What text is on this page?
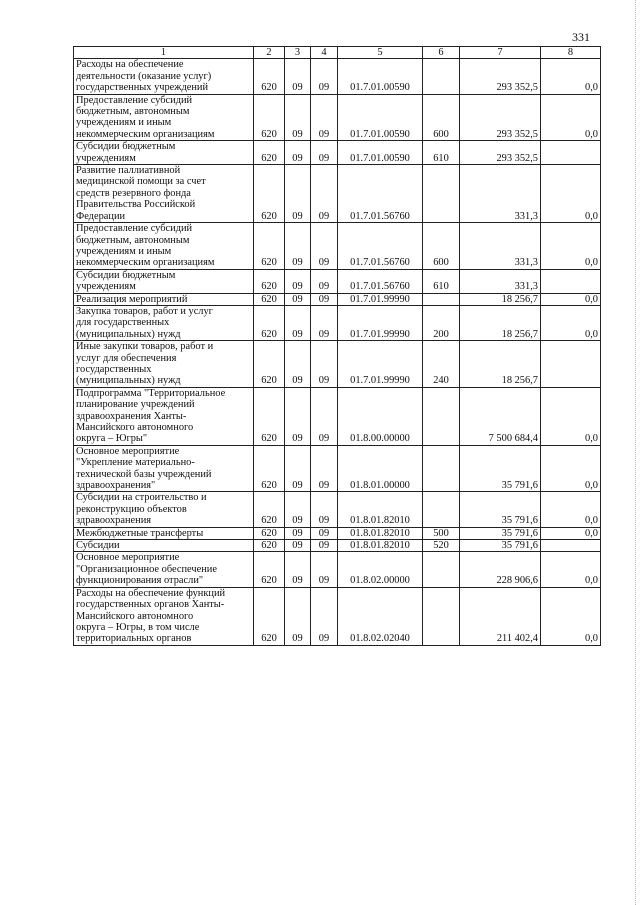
331
1	2	3	4	5	6	7	8

Расходы на обеспечение
деятельности (оказание услуг)
государственных учреждений	620	09	09	01.7.01.00590		293 352,5	0,0

Предоставление субсидий
бюджетным, автономным
учреждениям и иным
некоммерческим организациям	620	09	09	01.7.01.00590	600	293 352,5	0,0

Субсидии бюджетным
учреждениям	620	09	09	01.7.01.00590	610	293 352,5	

Развитие паллиативной
медицинской помощи за счет
средств резервного фонда
Правительства Российской
Федерации	620	09	09	01.7.01.56760		331,3	0,0

Предоставление субсидий
бюджетным, автономным
учреждениям и иным
некоммерческим организациям	620	09	09	01.7.01.56760	600	331,3	0,0

Субсидии бюджетным
учреждениям	620	09	09	01.7.01.56760	610	331,3	

Реализация мероприятий	620	09	09	01.7.01.99990		18 256,7	0,0

Закупка товаров, работ и услуг
для государственных
(муниципальных) нужд	620	09	09	01.7.01.99990	200	18 256,7	0,0

Иные закупки товаров, работ и
услуг для обеспечения
государственных
(муниципальных) нужд	620	09	09	01.7.01.99990	240	18 256,7	

Подпрограмма "Территориальное
планирование учреждений
здравоохранения Ханты-
Мансийского автономного
округа – Югры"	620	09	09	01.8.00.00000		7 500 684,4	0,0

Основное мероприятие
"Укрепление материально-
технической базы учреждений
здравоохранения"	620	09	09	01.8.01.00000		35 791,6	0,0

Субсидии на строительство и
реконструкцию объектов
здравоохранения	620	09	09	01.8.01.82010		35 791,6	0,0

Межбюджетные трансферты	620	09	09	01.8.01.82010	500	35 791,6	0,0

Субсидии	620	09	09	01.8.01.82010	520	35 791,6	

Основное мероприятие
"Организационное обеспечение
функционирования отрасли"	620	09	09	01.8.02.00000		228 906,6	0,0

Расходы на обеспечение функций
государственных органов Ханты-
Мансийского автономного
округа – Югры, в том числе
территориальных органов	620	09	09	01.8.02.02040		211 402,4	0,0
